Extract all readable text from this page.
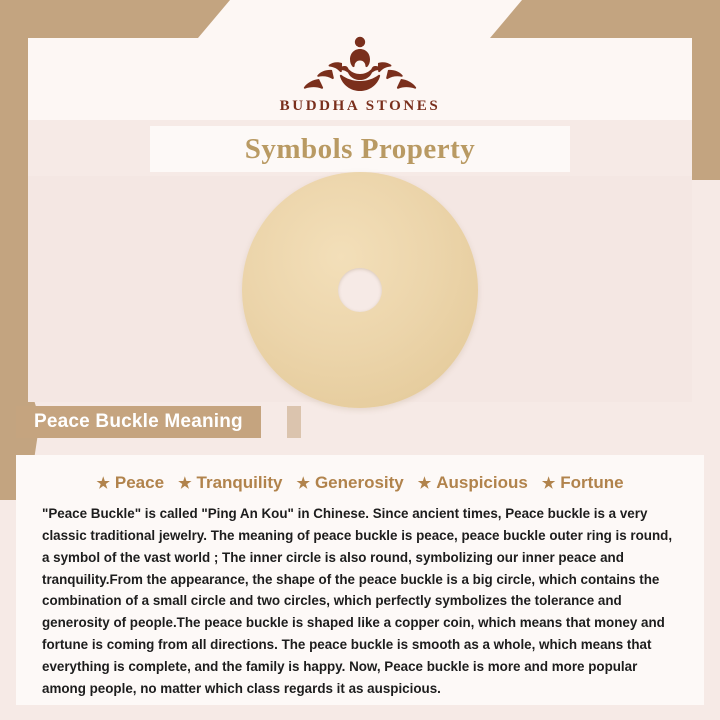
BUDDHA STONES
Symbols Property
Peace Buckle Meaning
★ Peace ★ Tranquility ★ Generosity ★ Auspicious ★ Fortune
"Peace Buckle" is called "Ping An Kou" in Chinese. Since ancient times, Peace buckle is a very classic traditional jewelry. The meaning of peace buckle is peace, peace buckle outer ring is round, a symbol of the vast world ; The inner circle is also round, symbolizing our inner peace and tranquility.From the appearance, the shape of the peace buckle is a big circle, which contains the combination of a small circle and two circles, which perfectly symbolizes the tolerance and generosity of people.The peace buckle is shaped like a copper coin, which means that money and fortune is coming from all directions. The peace buckle is smooth as a whole, which means that everything is complete, and the family is happy. Now, Peace buckle is more and more popular among people, no matter which class regards it as auspicious.
